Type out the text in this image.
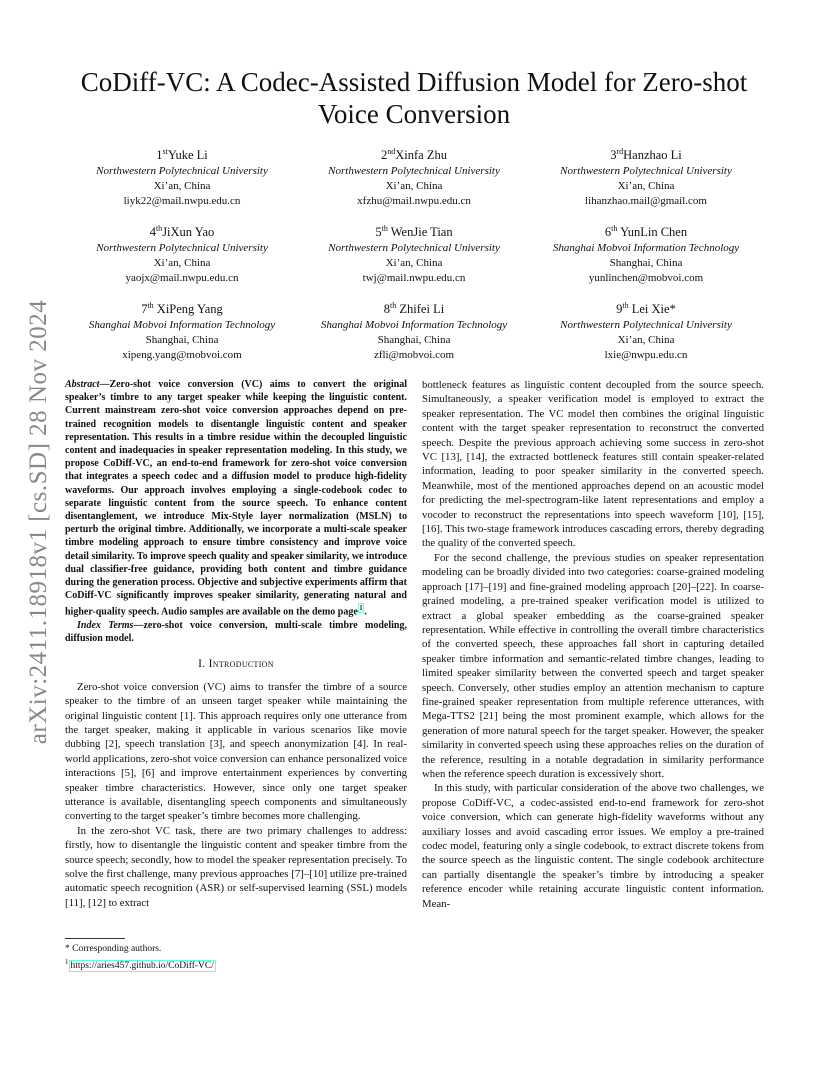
arXiv:2411.18918v1 [cs.SD] 28 Nov 2024
CoDiff-VC: A Codec-Assisted Diffusion Model for Zero-shot Voice Conversion
1stYuke Li
Northwestern Polytechnical University
Xi’an, China
liyk22@mail.nwpu.edu.cn
2ndXinfa Zhu
Northwestern Polytechnical University
Xi’an, China
xfzhu@mail.nwpu.edu.cn
3rdHanzhao Li
Northwestern Polytechnical University
Xi’an, China
lihanzhao.mail@gmail.com
4thJiXun Yao
Northwestern Polytechnical University
Xi’an, China
yaojx@mail.nwpu.edu.cn
5th WenJie Tian
Northwestern Polytechnical University
Xi’an, China
twj@mail.nwpu.edu.cn
6th YunLin Chen
Shanghai Mobvoi Information Technology
Shanghai, China
yunlinchen@mobvoi.com
7th XiPeng Yang
Shanghai Mobvoi Information Technology
Shanghai, China
xipeng.yang@mobvoi.com
8th Zhifei Li
Shanghai Mobvoi Information Technology
Shanghai, China
zfli@mobvoi.com
9th Lei Xie*
Northwestern Polytechnical University
Xi’an, China
lxie@nwpu.edu.cn

Abstract—Zero-shot voice conversion (VC) aims to convert the original speaker’s timbre to any target speaker while keeping the linguistic content. Current mainstream zero-shot voice conversion approaches depend on pre-trained recognition models to disentangle linguistic content and speaker representation. This results in a timbre residue within the decoupled linguistic content and inadequacies in speaker representation modeling. In this study, we propose CoDiff-VC, an end-to-end framework for zero-shot voice conversion that integrates a speech codec and a diffusion model to produce high-fidelity waveforms. Our approach involves employing a single-codebook codec to separate linguistic content from the source speech. To enhance content disentanglement, we introduce Mix-Style layer normalization (MSLN) to perturb the original timbre. Additionally, we incorporate a multi-scale speaker timbre modeling approach to ensure timbre consistency and improve voice detail similarity. To improve speech quality and speaker similarity, we introduce dual classifier-free guidance, providing both content and timbre guidance during the generation process. Objective and subjective experiments affirm that CoDiff-VC significantly improves speaker similarity, generating natural and higher-quality speech. Audio samples are available on the demo page $^1$ .

Index Terms—zero-shot voice conversion, multi-scale timbre modeling, diffusion model.

I. Introduction

Zero-shot voice conversion (VC) aims to transfer the timbre of a source speaker to the timbre of an unseen target speaker while maintaining the original linguistic content [1]. This approach requires only one utterance from the target speaker, making it applicable in various scenarios like movie dubbing [2], speech translation [3], and speech anonymization [4]. In real-world applications, zero-shot voice conversion can enhance personalized voice interactions [5], [6] and improve entertainment experiences by converting speaker timbre characteristics. However, since only one target speaker utterance is available, disentangling speech components and simultaneously converting to the target speaker’s timbre becomes more challenging.

In the zero-shot VC task, there are two primary challenges to address: firstly, how to disentangle the linguistic content and speaker timbre from the source speech; secondly, how to model the speaker representation precisely. To solve the first challenge, many previous approaches [7]–[10] utilize pre-trained automatic speech recognition (ASR) or self-supervised learning (SSL) models [11], [12] to extract

bottleneck features as linguistic content decoupled from the source speech. Simultaneously, a speaker verification model is employed to extract the speaker representation. The VC model then combines the original linguistic content with the target speaker representation to reconstruct the converted speech. Despite the previous approach achieving some success in zero-shot VC [13], [14], the extracted bottleneck features still contain speaker-related information, leading to poor speaker similarity in the converted speech. Meanwhile, most of the mentioned approaches depend on an acoustic model for predicting the mel-spectrogram-like latent representations and employ a vocoder to reconstruct the representations into speech waveform [10], [15], [16]. This two-stage framework introduces cascading errors, thereby degrading the quality of the converted speech.

For the second challenge, the previous studies on speaker representation modeling can be broadly divided into two categories: coarse-grained modeling approach [17]–[19] and fine-grained modeling approach [20]–[22]. In coarse-grained modeling, a pre-trained speaker verification model is utilized to extract a global speaker embedding as the coarse-grained speaker representation. While effective in controlling the overall timbre characteristics of the converted speech, these approaches fall short in capturing detailed speaker timbre information and semantic-related timbre changes, leading to limited speaker similarity between the converted speech and target speaker speech. Conversely, other studies employ an attention mechanism to capture fine-grained speaker representation from multiple reference utterances, with Mega-TTS2 [21] being the most prominent example, which allows for the generation of more natural speech for the target speaker. However, the speaker similarity in converted speech using these approaches relies on the duration of the reference, resulting in a notable degradation in similarity performance when the reference speech duration is excessively short.

In this study, with particular consideration of the above two challenges, we propose CoDiff-VC, a codec-assisted end-to-end framework for zero-shot voice conversion, which can generate high-fidelity waveforms without any auxiliary losses and avoid cascading error issues. We employ a pre-trained codec model, featuring only a single codebook, to extract discrete tokens from the source speech as the linguistic content. The single codebook architecture can partially disentangle the speaker’s timbre by introducing a speaker reference encoder while retaining accurate linguistic content information. Mean-

* Corresponding authors.
$^1$ https://aries457.github.io/CoDiff-VC/
